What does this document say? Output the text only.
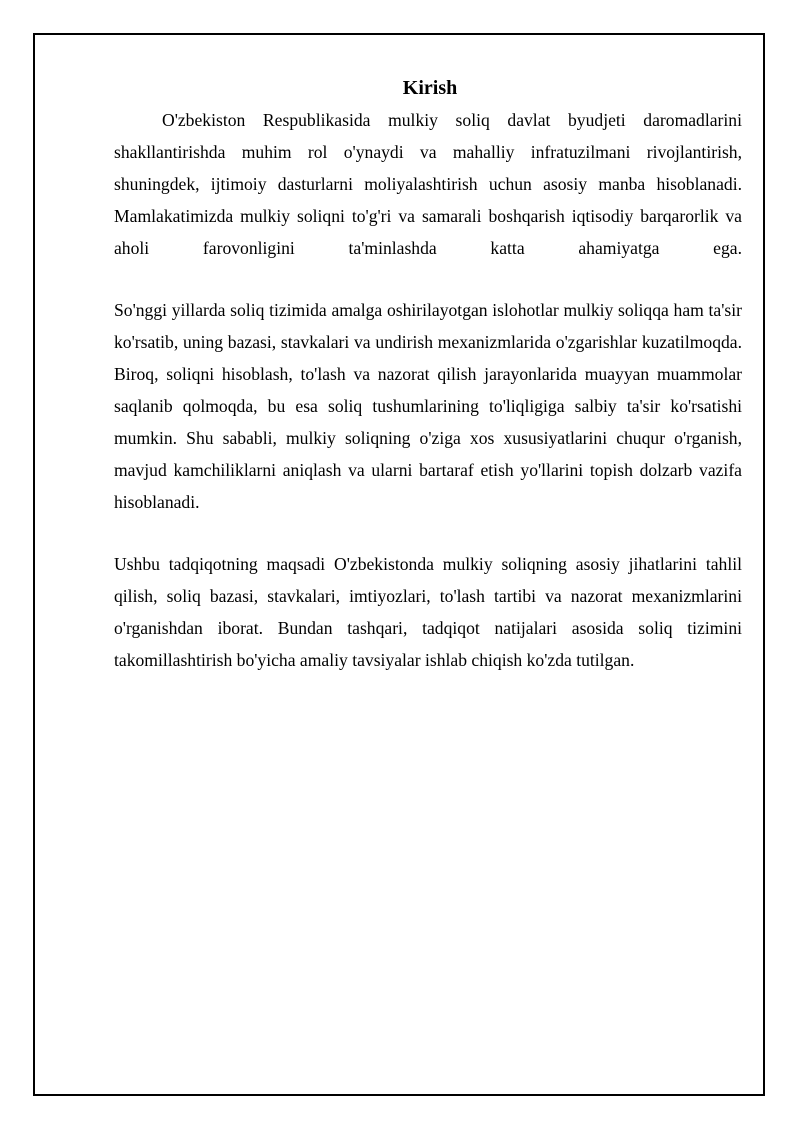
Kirish

O'zbekiston Respublikasida mulkiy soliq davlat byudjeti daromadlarini shakllantirishda muhim rol o'ynaydi va mahalliy infratuzilmani rivojlantirish, shuningdek, ijtimoiy dasturlarni moliyalashtirish uchun asosiy manba hisoblanadi. Mamlakatimizda mulkiy soliqni to'g'ri va samarali boshqarish iqtisodiy barqarorlik va aholi farovonligini ta'minlashda katta ahamiyatga ega.

So'nggi yillarda soliq tizimida amalga oshirilayotgan islohotlar mulkiy soliqqa ham ta'sir ko'rsatib, uning bazasi, stavkalari va undirish mexanizmlarida o'zgarishlar kuzatilmoqda. Biroq, soliqni hisoblash, to'lash va nazorat qilish jarayonlarida muayyan muammolar saqlanib qolmoqda, bu esa soliq tushumlarining to'liqligiga salbiy ta'sir ko'rsatishi mumkin. Shu sababli, mulkiy soliqning o'ziga xos xususiyatlarini chuqur o'rganish, mavjud kamchiliklarni aniqlash va ularni bartaraf etish yo'llarini topish dolzarb vazifa hisoblanadi.

Ushbu tadqiqotning maqsadi O'zbekistonda mulkiy soliqning asosiy jihatlarini tahlil qilish, soliq bazasi, stavkalari, imtiyozlari, to'lash tartibi va nazorat mexanizmlarini o'rganishdan iborat. Bundan tashqari, tadqiqot natijalari asosida soliq tizimini takomillashtirish bo'yicha amaliy tavsiyalar ishlab chiqish ko'zda tutilgan.
